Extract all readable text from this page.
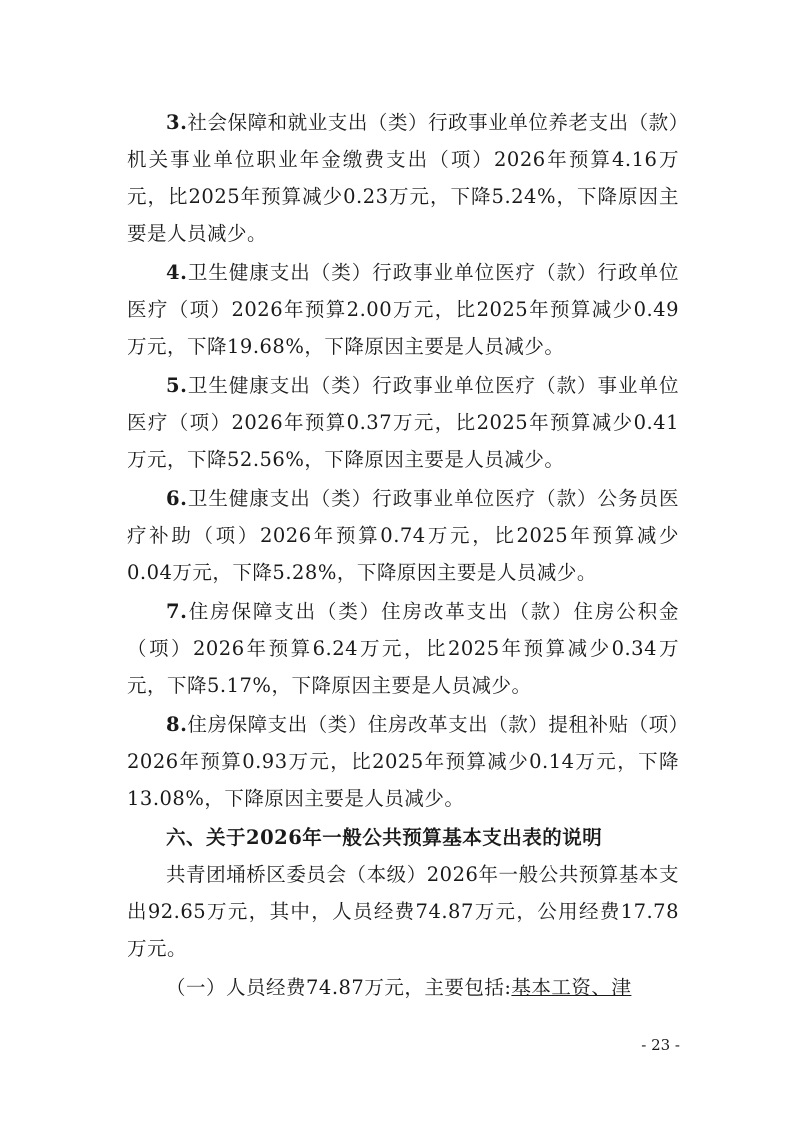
3.社会保障和就业支出（类）行政事业单位养老支出（款）机关事业单位职业年金缴费支出（项）2026年预算4.16万元，比2025年预算减少0.23万元，下降5.24%，下降原因主要是人员减少。

4.卫生健康支出（类）行政事业单位医疗（款）行政单位医疗（项）2026年预算2.00万元，比2025年预算减少0.49万元，下降19.68%，下降原因主要是人员减少。

5.卫生健康支出（类）行政事业单位医疗（款）事业单位医疗（项）2026年预算0.37万元，比2025年预算减少0.41万元，下降52.56%，下降原因主要是人员减少。

6.卫生健康支出（类）行政事业单位医疗（款）公务员医疗补助（项）2026年预算0.74万元，比2025年预算减少0.04万元，下降5.28%，下降原因主要是人员减少。

7.住房保障支出（类）住房改革支出（款）住房公积金（项）2026年预算6.24万元，比2025年预算减少0.34万元，下降5.17%，下降原因主要是人员减少。

8.住房保障支出（类）住房改革支出（款）提租补贴（项）2026年预算0.93万元，比2025年预算减少0.14万元，下降13.08%，下降原因主要是人员减少。

六、关于2026年一般公共预算基本支出表的说明

共青团埇桥区委员会（本级）2026年一般公共预算基本支出92.65万元，其中，人员经费74.87万元，公用经费17.78万元。

（一）人员经费74.87万元，主要包括:基本工资、津

- 23 -
